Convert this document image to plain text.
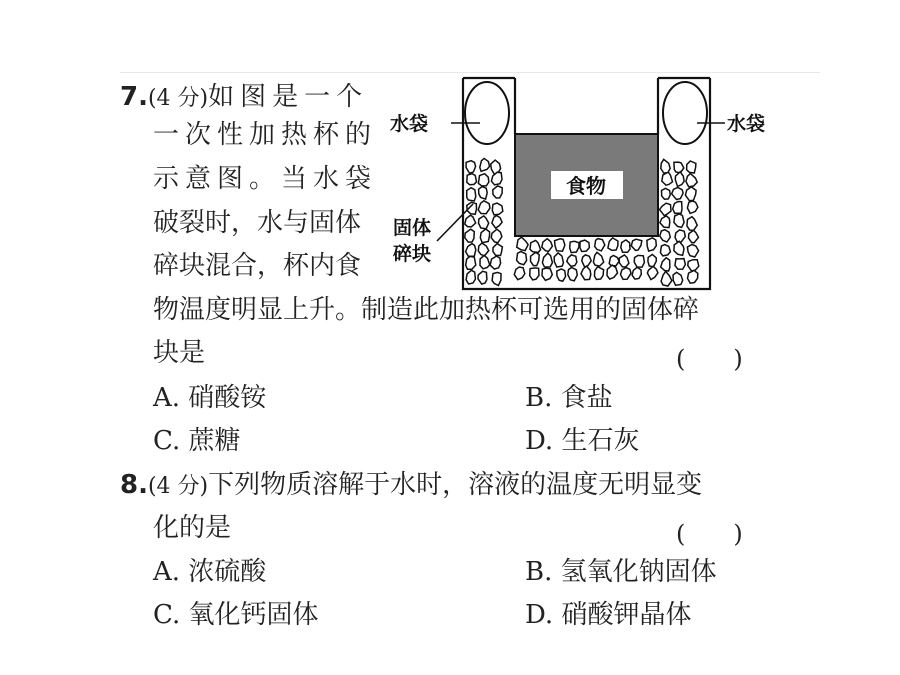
7.(4 分)如图是一个
一次性加热杯的
示意图。当水袋
破裂时，水与固体
碎块混合，杯内食
物温度明显上升。制造此加热杯可选用的固体碎
块是	(　　)
A. 硝酸铵	B. 食盐
C. 蔗糖	D. 生石灰
8.(4 分)下列物质溶解于水时，溶液的温度无明显变
化的是	(　　)
A. 浓硫酸	B. 氢氧化钠固体
C. 氧化钙固体	D. 硝酸钾晶体
水袋	水袋
食物
固体
碎块
